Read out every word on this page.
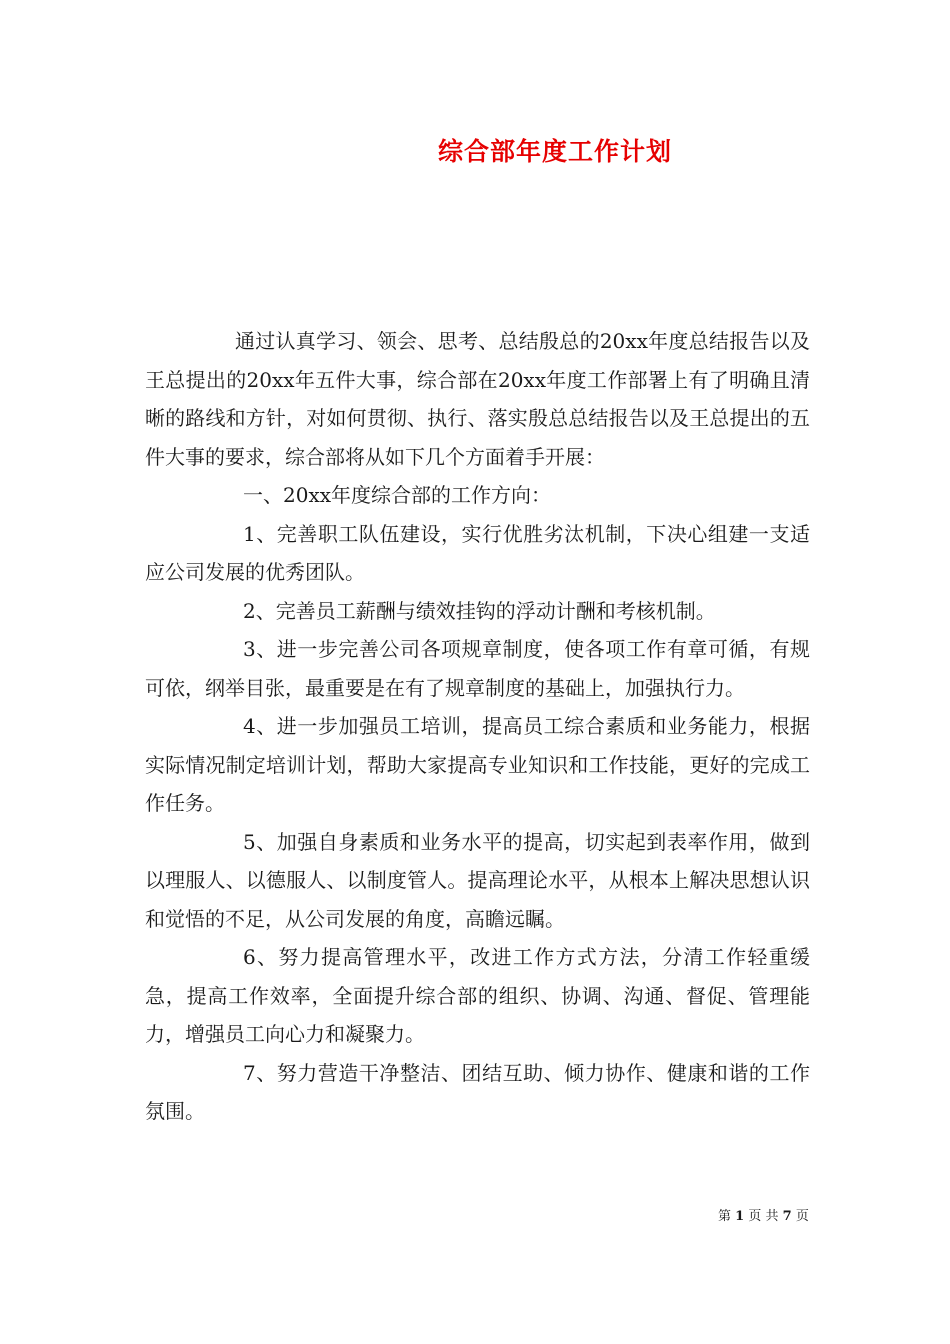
综合部年度工作计划

通过认真学习、领会、思考、总结殷总的20xx年度总结报告以及王总提出的20xx年五件大事，综合部在20xx年度工作部署上有了明确且清晰的路线和方针，对如何贯彻、执行、落实殷总总结报告以及王总提出的五件大事的要求，综合部将从如下几个方面着手开展：

一、20xx年度综合部的工作方向：

1、完善职工队伍建设，实行优胜劣汰机制，下决心组建一支适应公司发展的优秀团队。

2、完善员工薪酬与绩效挂钩的浮动计酬和考核机制。

3、进一步完善公司各项规章制度，使各项工作有章可循，有规可依，纲举目张，最重要是在有了规章制度的基础上，加强执行力。

4、进一步加强员工培训，提高员工综合素质和业务能力，根据实际情况制定培训计划，帮助大家提高专业知识和工作技能，更好的完成工作任务。

5、加强自身素质和业务水平的提高，切实起到表率作用，做到以理服人、以德服人、以制度管人。提高理论水平，从根本上解决思想认识和觉悟的不足，从公司发展的角度，高瞻远瞩。

6、努力提高管理水平，改进工作方式方法，分清工作轻重缓急，提高工作效率，全面提升综合部的组织、协调、沟通、督促、管理能力，增强员工向心力和凝聚力。

7、努力营造干净整洁、团结互助、倾力协作、健康和谐的工作氛围。

第 1 页 共 7 页
